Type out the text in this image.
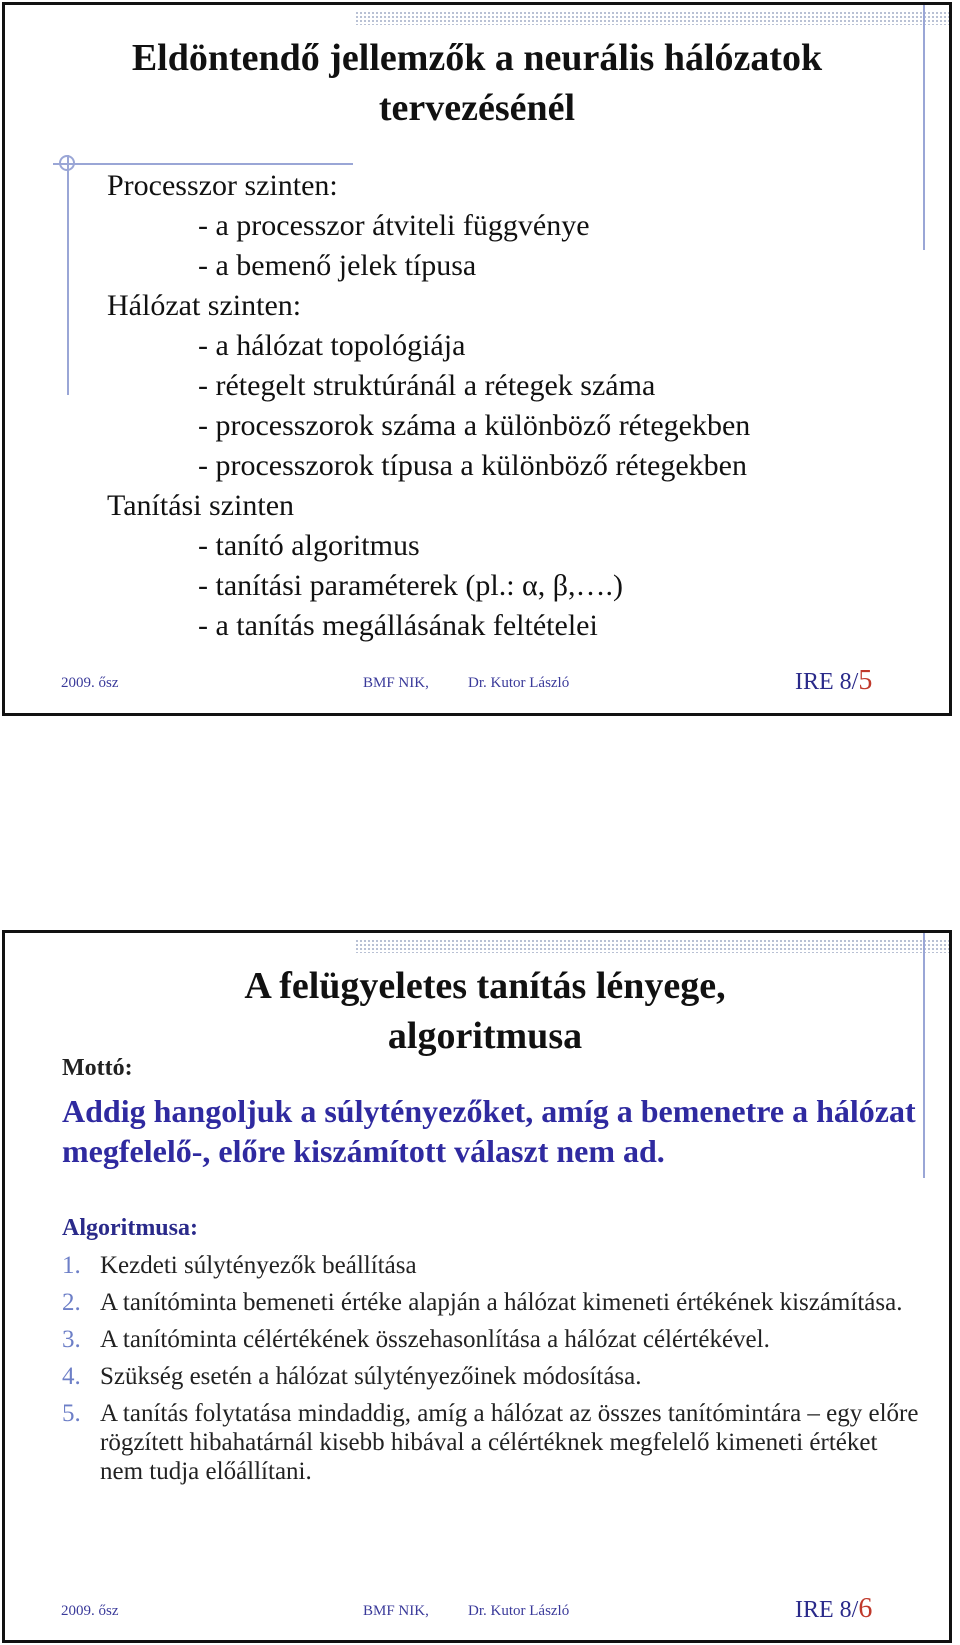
Eldöntendő jellemzők a neurális hálózatok tervezésénél
Processzor szinten:
- a processzor átviteli függvénye
- a bemenő jelek típusa
Hálózat szinten:
- a hálózat topológiája
- rétegelt struktúránál a rétegek száma
- processzorok száma a különböző rétegekben
- processzorok típusa a különböző rétegekben
Tanítási szinten
- tanító algoritmus
- tanítási paraméterek (pl.: α, β,….)
- a tanítás megállásának feltételei
2009. ősz	BMF NIK,	Dr. Kutor László	IRE 8/5
A felügyeletes tanítás lényege, algoritmusa
Mottó:
Addig hangoljuk a súlytényezőket, amíg a bemenetre a hálózat megfelelő-, előre kiszámított választ nem ad.
Algoritmusa:
1. Kezdeti súlytényezők beállítása
2. A tanítóminta bemeneti értéke alapján a hálózat kimeneti értékének kiszámítása.
3. A tanítóminta célértékének összehasonlítása a hálózat célértékével.
4. Szükség esetén a hálózat súlytényezőinek módosítása.
5. A tanítás folytatása mindaddig, amíg a hálózat az összes tanítómintára – egy előre rögzített hibahatárnál kisebb hibával a célértéknek megfelelő kimeneti értéket nem tudja előállítani.
2009. ősz	BMF NIK,	Dr. Kutor László	IRE 8/6
